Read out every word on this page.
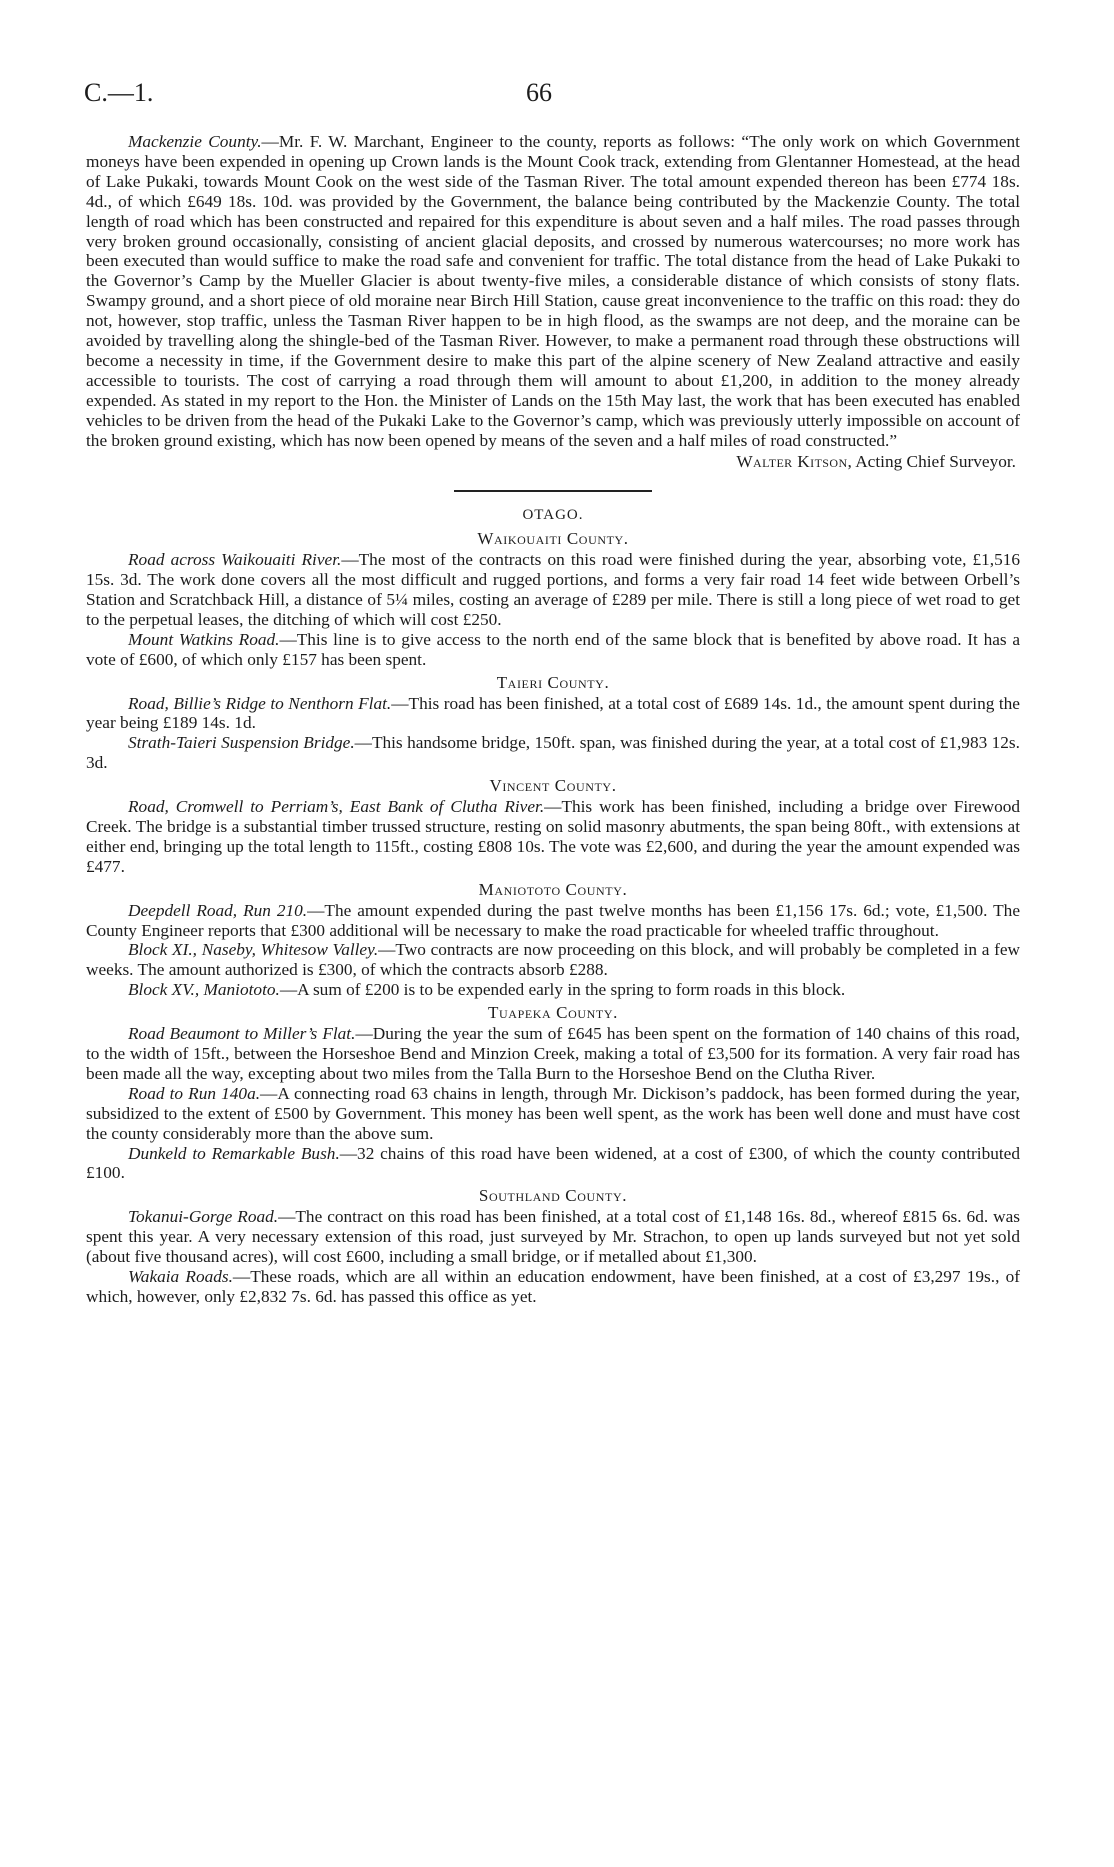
C.—1.	66

Mackenzie County.—Mr. F. W. Marchant, Engineer to the county, reports as follows: “The only work on which Government moneys have been expended in opening up Crown lands is the Mount Cook track, extending from Glentanner Homestead, at the head of Lake Pukaki, towards Mount Cook on the west side of the Tasman River. The total amount expended thereon has been £774 18s. 4d., of which £649 18s. 10d. was provided by the Government, the balance being contributed by the Mackenzie County. The total length of road which has been constructed and repaired for this expenditure is about seven and a half miles. The road passes through very broken ground occasionally, consisting of ancient glacial deposits, and crossed by numerous watercourses; no more work has been executed than would suffice to make the road safe and convenient for traffic. The total distance from the head of Lake Pukaki to the Governor’s Camp by the Mueller Glacier is about twenty-five miles, a considerable distance of which consists of stony flats. Swampy ground, and a short piece of old moraine near Birch Hill Station, cause great inconvenience to the traffic on this road: they do not, however, stop traffic, unless the Tasman River happen to be in high flood, as the swamps are not deep, and the moraine can be avoided by travelling along the shingle-bed of the Tasman River. However, to make a permanent road through these obstructions will become a necessity in time, if the Government desire to make this part of the alpine scenery of New Zealand attractive and easily accessible to tourists. The cost of carrying a road through them will amount to about £1,200, in addition to the money already expended. As stated in my report to the Hon. the Minister of Lands on the 15th May last, the work that has been executed has enabled vehicles to be driven from the head of the Pukaki Lake to the Governor’s camp, which was previously utterly impossible on account of the broken ground existing, which has now been opened by means of the seven and a half miles of road constructed.”

Walter Kitson, Acting Chief Surveyor.
OTAGO.
Waikouaiti County.

Road across Waikouaiti River.—The most of the contracts on this road were finished during the year, absorbing vote, £1,516 15s. 3d. The work done covers all the most difficult and rugged portions, and forms a very fair road 14 feet wide between Orbell’s Station and Scratchback Hill, a distance of 5¼ miles, costing an average of £289 per mile. There is still a long piece of wet road to get to the perpetual leases, the ditching of which will cost £250.

Mount Watkins Road.—This line is to give access to the north end of the same block that is benefited by above road. It has a vote of £600, of which only £157 has been spent.

Taieri County.

Road, Billie’s Ridge to Nenthorn Flat.—This road has been finished, at a total cost of £689 14s. 1d., the amount spent during the year being £189 14s. 1d.

Strath-Taieri Suspension Bridge.—This handsome bridge, 150ft. span, was finished during the year, at a total cost of £1,983 12s. 3d.

Vincent County.

Road, Cromwell to Perriam’s, East Bank of Clutha River.—This work has been finished, including a bridge over Firewood Creek. The bridge is a substantial timber trussed structure, resting on solid masonry abutments, the span being 80ft., with extensions at either end, bringing up the total length to 115ft., costing £808 10s. The vote was £2,600, and during the year the amount expended was £477.

Maniototo County.

Deepdell Road, Run 210.—The amount expended during the past twelve months has been £1,156 17s. 6d.; vote, £1,500. The County Engineer reports that £300 additional will be necessary to make the road practicable for wheeled traffic throughout.

Block XI., Naseby, Whitesow Valley.—Two contracts are now proceeding on this block, and will probably be completed in a few weeks. The amount authorized is £300, of which the contracts absorb £288.

Block XV., Maniototo.—A sum of £200 is to be expended early in the spring to form roads in this block.

Tuapeka County.

Road Beaumont to Miller’s Flat.—During the year the sum of £645 has been spent on the formation of 140 chains of this road, to the width of 15ft., between the Horseshoe Bend and Minzion Creek, making a total of £3,500 for its formation. A very fair road has been made all the way, excepting about two miles from the Talla Burn to the Horseshoe Bend on the Clutha River.

Road to Run 140a.—A connecting road 63 chains in length, through Mr. Dickison’s paddock, has been formed during the year, subsidized to the extent of £500 by Government. This money has been well spent, as the work has been well done and must have cost the county considerably more than the above sum.

Dunkeld to Remarkable Bush.—32 chains of this road have been widened, at a cost of £300, of which the county contributed £100.

Southland County.

Tokanui-Gorge Road.—The contract on this road has been finished, at a total cost of £1,148 16s. 8d., whereof £815 6s. 6d. was spent this year. A very necessary extension of this road, just surveyed by Mr. Strachon, to open up lands surveyed but not yet sold (about five thousand acres), will cost £600, including a small bridge, or if metalled about £1,300.

Wakaia Roads.—These roads, which are all within an education endowment, have been finished, at a cost of £3,297 19s., of which, however, only £2,832 7s. 6d. has passed this office as yet.
